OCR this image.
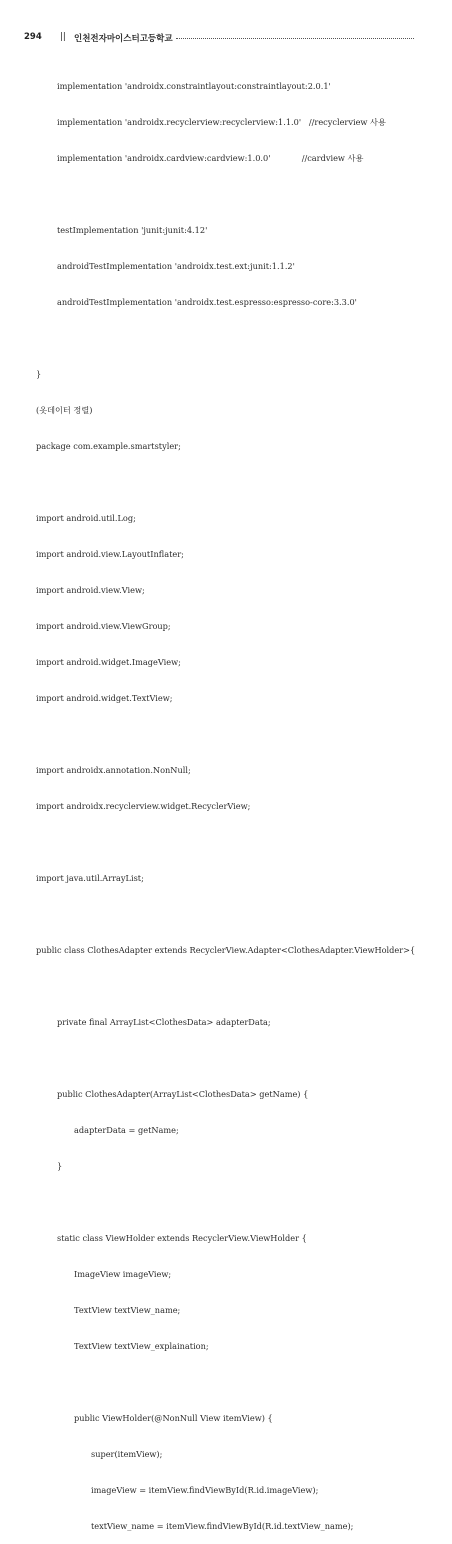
294 || 인천전자마이스터고등학교

implementation 'androidx.constraintlayout:constraintlayout:2.0.1'

implementation 'androidx.recyclerview:recyclerview:1.1.0'   //recyclerview 사용

implementation 'androidx.cardview:cardview:1.0.0'            //cardview 사용

testImplementation 'junit:junit:4.12'

androidTestImplementation 'androidx.test.ext:junit:1.1.2'

androidTestImplementation 'androidx.test.espresso:espresso-core:3.3.0'

}

(옷데이터 정렬)

package com.example.smartstyler;

import android.util.Log;

import android.view.LayoutInflater;

import android.view.View;

import android.view.ViewGroup;

import android.widget.ImageView;

import android.widget.TextView;

import androidx.annotation.NonNull;

import androidx.recyclerview.widget.RecyclerView;

import java.util.ArrayList;

public class ClothesAdapter extends RecyclerView.Adapter<ClothesAdapter.ViewHolder>{

private final ArrayList<ClothesData> adapterData;

public ClothesAdapter(ArrayList<ClothesData> getName) {

adapterData = getName;

}

static class ViewHolder extends RecyclerView.ViewHolder {

ImageView imageView;

TextView textView_name;

TextView textView_explaination;

public ViewHolder(@NonNull View itemView) {

super(itemView);

imageView = itemView.findViewById(R.id.imageView);

textView_name = itemView.findViewById(R.id.textView_name);
